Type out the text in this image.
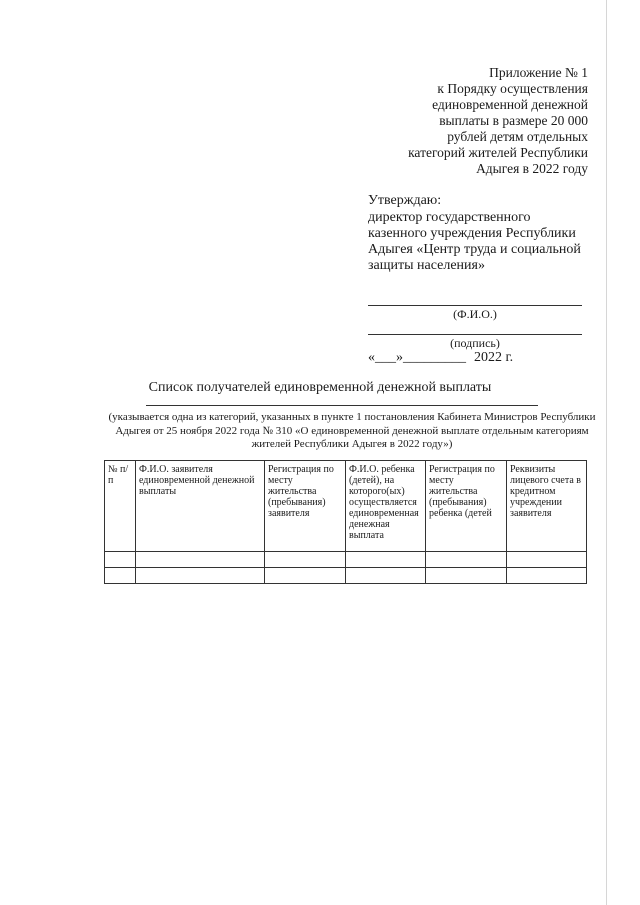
Приложение № 1
к Порядку осуществления
единовременной денежной
выплаты в размере 20 000
рублей детям отдельных
категорий жителей Республики
Адыгея в 2022 году
Утверждаю:
директор государственного
казенного учреждения Республики
Адыгея «Центр труда и социальной
защиты населения»
(Ф.И.О.)
(подпись)
«___»_________ 2022 г.
Список получателей единовременной денежной выплаты
(указывается одна из категорий, указанных в пункте 1 постановления Кабинета Министров Республики Адыгея от 25 ноября 2022 года № 310 «О единовременной денежной выплате отдельным категориям жителей Республики Адыгея в 2022 году»)
№ п/п	Ф.И.О. заявителя единовременной денежной выплаты	Регистрация по месту жительства (пребывания) заявителя	Ф.И.О. ребенка (детей), на которого(ых) осуществляется единовременная денежная выплата	Регистрация по месту жительства (пребывания) ребенка (детей	Реквизиты лицевого счета в кредитном учреждении заявителя
